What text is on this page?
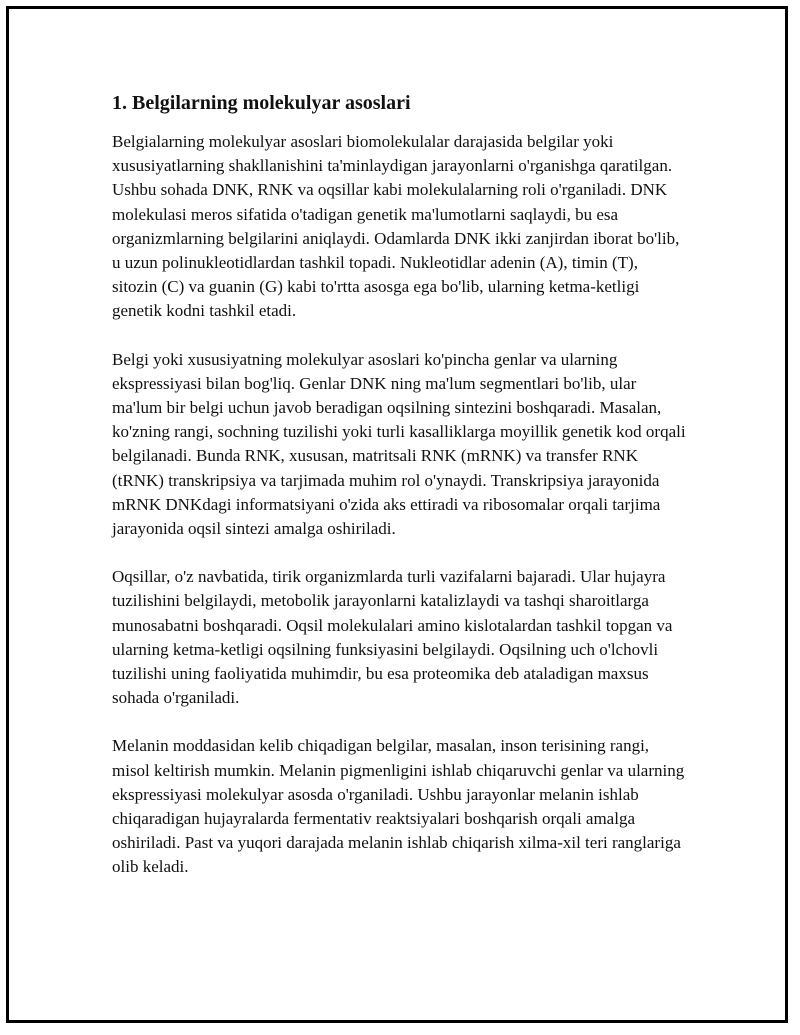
1. Belgilarning molekulyar asoslari

Belgialarning molekulyar asoslari biomolekulalar darajasida belgilar yoki xususiyatlarning shakllanishini ta'minlaydigan jarayonlarni o'rganishga qaratilgan. Ushbu sohada DNK, RNK va oqsillar kabi molekulalarning roli o'rganiladi. DNK molekulasi meros sifatida o'tadigan genetik ma'lumotlarni saqlaydi, bu esa organizmlarning belgilarini aniqlaydi. Odamlarda DNK ikki zanjirdan iborat bo'lib, u uzun polinukleotidlardan tashkil topadi. Nukleotidlar adenin (A), timin (T), sitozin (C) va guanin (G) kabi to'rtta asosga ega bo'lib, ularning ketma-ketligi genetik kodni tashkil etadi.

Belgi yoki xususiyatning molekulyar asoslari ko'pincha genlar va ularning ekspressiyasi bilan bog'liq. Genlar DNK ning ma'lum segmentlari bo'lib, ular ma'lum bir belgi uchun javob beradigan oqsilning sintezini boshqaradi. Masalan, ko'zning rangi, sochning tuzilishi yoki turli kasalliklarga moyillik genetik kod orqali belgilanadi. Bunda RNK, xususan, matritsali RNK (mRNK) va transfer RNK (tRNK) transkripsiya va tarjimada muhim rol o'ynaydi. Transkripsiya jarayonida mRNK DNKdagi informatsiyani o'zida aks ettiradi va ribosomalar orqali tarjima jarayonida oqsil sintezi amalga oshiriladi.

Oqsillar, o'z navbatida, tirik organizmlarda turli vazifalarni bajaradi. Ular hujayra tuzilishini belgilaydi, metobolik jarayonlarni katalizlaydi va tashqi sharoitlarga munosabatni boshqaradi. Oqsil molekulalari amino kislotalardan tashkil topgan va ularning ketma-ketligi oqsilning funksiyasini belgilaydi. Oqsilning uch o'lchovli tuzilishi uning faoliyatida muhimdir, bu esa proteomika deb ataladigan maxsus sohada o'rganiladi.

Melanin moddasidan kelib chiqadigan belgilar, masalan, inson terisining rangi, misol keltirish mumkin. Melanin pigmenligini ishlab chiqaruvchi genlar va ularning ekspressiyasi molekulyar asosda o'rganiladi. Ushbu jarayonlar melanin ishlab chiqaradigan hujayralarda fermentativ reaktsiyalari boshqarish orqali amalga oshiriladi. Past va yuqori darajada melanin ishlab chiqarish xilma-xil teri ranglariga olib keladi.
